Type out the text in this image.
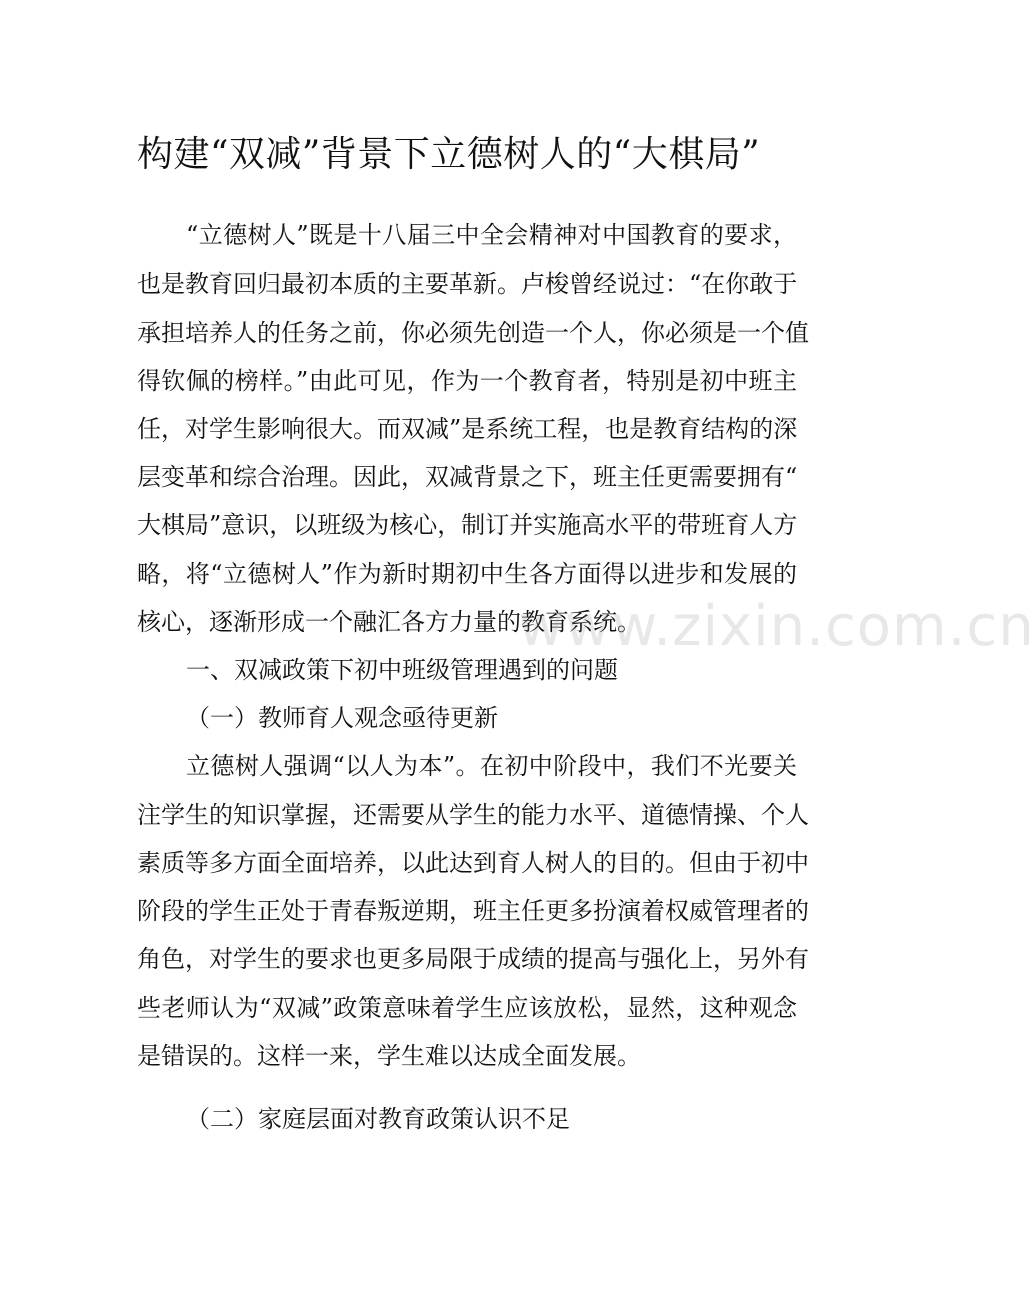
构建“双减”背景下立德树人的“大棋局”
“立德树人”既是十八届三中全会精神对中国教育的要求，
也是教育回归最初本质的主要革新。卢梭曾经说过：“在你敢于
承担培养人的任务之前，你必须先创造一个人，你必须是一个值
得钦佩的榜样。”由此可见，作为一个教育者，特别是初中班主
任，对学生影响很大。而双减”是系统工程，也是教育结构的深
层变革和综合治理。因此，双减背景之下，班主任更需要拥有“
大棋局”意识，以班级为核心，制订并实施高水平的带班育人方
略，将“立德树人”作为新时期初中生各方面得以进步和发展的
核心，逐渐形成一个融汇各方力量的教育系统。
www.zixin.com.cn
一、双减政策下初中班级管理遇到的问题
（一）教师育人观念亟待更新
立德树人强调“以人为本”。在初中阶段中，我们不光要关
注学生的知识掌握，还需要从学生的能力水平、道德情操、个人
素质等多方面全面培养，以此达到育人树人的目的。但由于初中
阶段的学生正处于青春叛逆期，班主任更多扮演着权威管理者的
角色，对学生的要求也更多局限于成绩的提高与强化上，另外有
些老师认为“双减”政策意味着学生应该放松，显然，这种观念
是错误的。这样一来，学生难以达成全面发展。
（二）家庭层面对教育政策认识不足
